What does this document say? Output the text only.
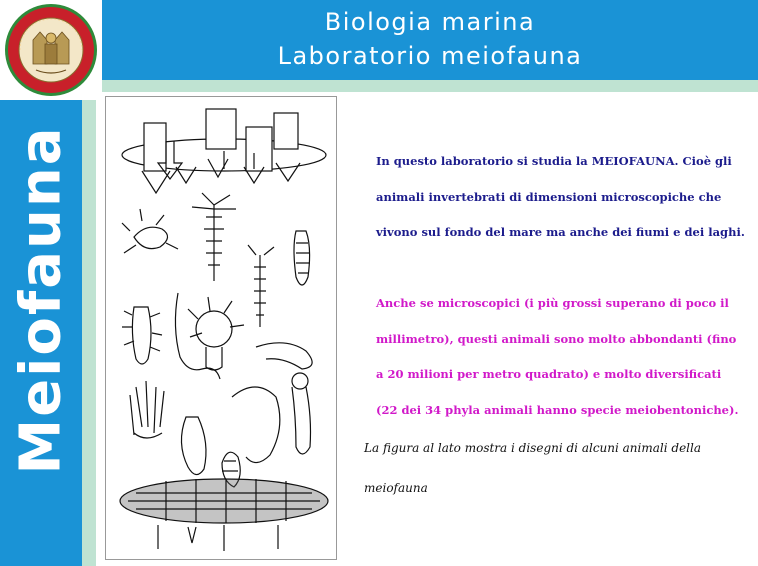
Biologia marina
Laboratorio meiofauna
Meiofauna	In questo laboratorio si studia la MEIOFAUNA. Cioè gli animali invertebrati di dimensioni microscopiche che vivono sul fondo del mare ma anche dei fiumi e dei laghi.

Anche se microscopici (i più grossi superano di poco il millimetro), questi animali sono molto abbondanti (fino a 20 milioni per metro quadrato) e molto diversificati (22 dei 34 phyla animali hanno specie meiobentoniche).

La figura al lato mostra i disegni di alcuni animali della meiofauna
